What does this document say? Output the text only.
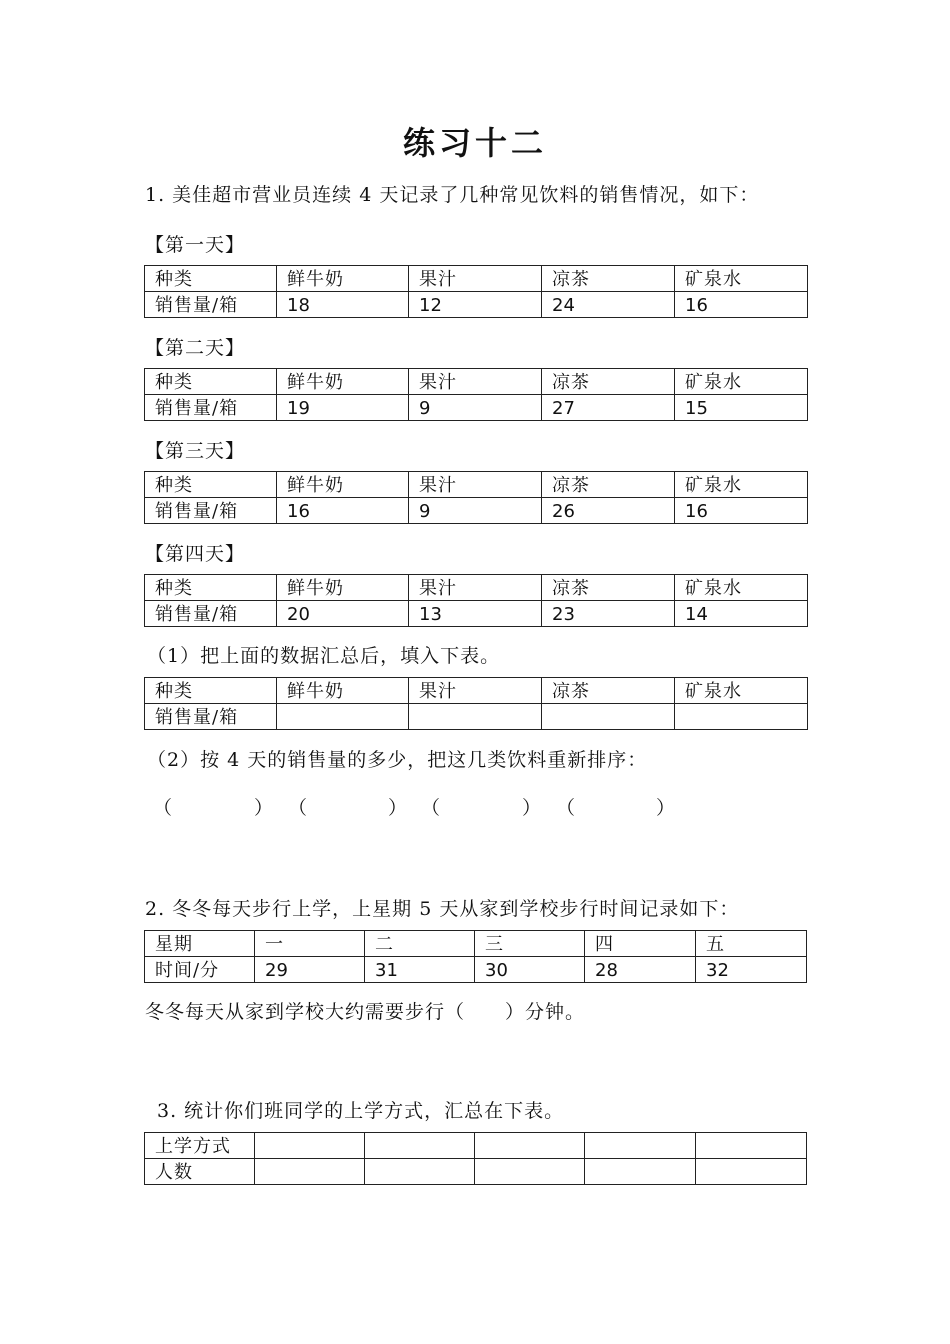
练习十二
1. 美佳超市营业员连续 4 天记录了几种常见饮料的销售情况，如下：
【第一天】
种类	鲜牛奶	果汁	凉茶	矿泉水
销售量/箱	18	12	24	16
【第二天】
种类	鲜牛奶	果汁	凉茶	矿泉水
销售量/箱	19	9	27	15
【第三天】
种类	鲜牛奶	果汁	凉茶	矿泉水
销售量/箱	16	9	26	16
【第四天】
种类	鲜牛奶	果汁	凉茶	矿泉水
销售量/箱	20	13	23	14
（1）把上面的数据汇总后，填入下表。
种类	鲜牛奶	果汁	凉茶	矿泉水
销售量/箱				
（2）按 4 天的销售量的多少，把这几类饮料重新排序：
（	） （	） （	） （	）
2. 冬冬每天步行上学，上星期 5 天从家到学校步行时间记录如下：
星期	一	二	三	四	五
时间/分	29	31	30	28	32
冬冬每天从家到学校大约需要步行（　　）分钟。
3. 统计你们班同学的上学方式，汇总在下表。
上学方式					
人数					
